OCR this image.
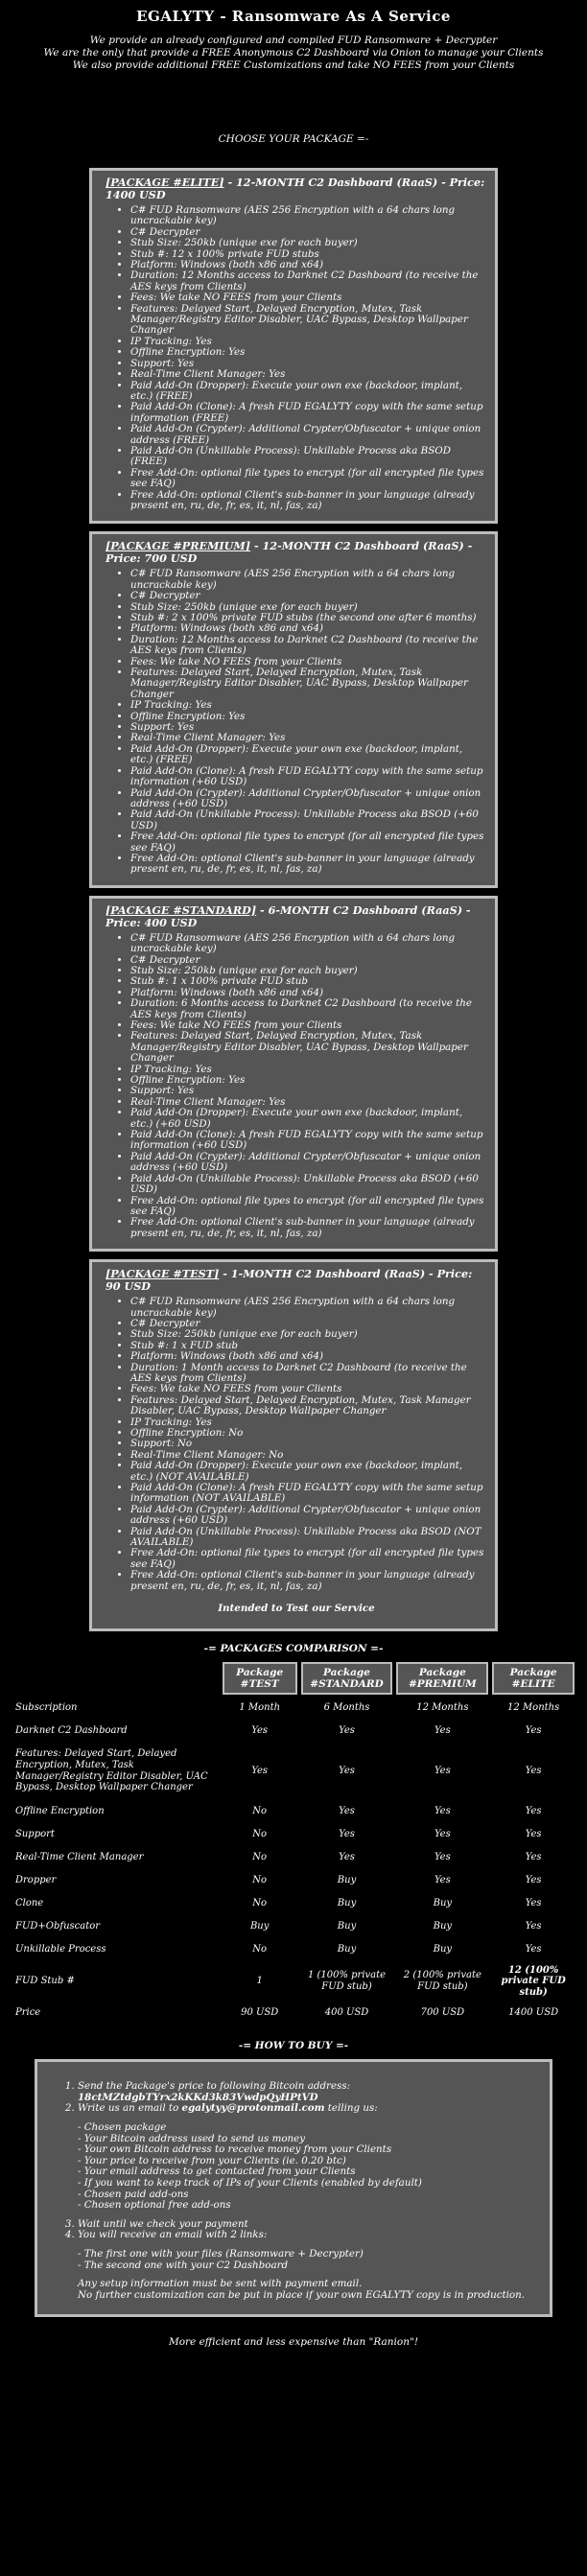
EGALYTY - Ransomware As A Service
We provide an already configured and compiled FUD Ransomware + Decrypter
We are the only that provide a FREE Anonymous C2 Dashboard via Onion to manage your Clients
We also provide additional FREE Customizations and take NO FEES from your Clients
CHOOSE YOUR PACKAGE =-
[PACKAGE #ELITE] - 12-MONTH C2 Dashboard (RaaS) - Price: 1400 USD
• C# FUD Ransomware (AES 256 Encryption with a 64 chars long uncrackable key)
• C# Decrypter
• Stub Size: 250kb (unique exe for each buyer)
• Stub #: 12 x 100% private FUD stubs
• Platform: Windows (both x86 and x64)
• Duration: 12 Months access to Darknet C2 Dashboard (to receive the AES keys from Clients)
• Fees: We take NO FEES from your Clients
• Features: Delayed Start, Delayed Encryption, Mutex, Task Manager/Registry Editor Disabler, UAC Bypass, Desktop Wallpaper Changer
• IP Tracking: Yes
• Offline Encryption: Yes
• Support: Yes
• Real-Time Client Manager: Yes
• Paid Add-On (Dropper): Execute your own exe (backdoor, implant, etc.) (FREE)
• Paid Add-On (Clone): A fresh FUD EGALYTY copy with the same setup information (FREE)
• Paid Add-On (Crypter): Additional Crypter/Obfuscator + unique onion address (FREE)
• Paid Add-On (Unkillable Process): Unkillable Process aka BSOD (FREE)
• Free Add-On: optional file types to encrypt (for all encrypted file types see FAQ)
• Free Add-On: optional Client's sub-banner in your language (already present en, ru, de, fr, es, it, nl, fas, za)
[PACKAGE #PREMIUM] - 12-MONTH C2 Dashboard (RaaS) - Price: 700 USD
• C# FUD Ransomware (AES 256 Encryption with a 64 chars long uncrackable key)
• C# Decrypter
• Stub Size: 250kb (unique exe for each buyer)
• Stub #: 2 x 100% private FUD stubs (the second one after 6 months)
• Platform: Windows (both x86 and x64)
• Duration: 12 Months access to Darknet C2 Dashboard (to receive the AES keys from Clients)
• Fees: We take NO FEES from your Clients
• Features: Delayed Start, Delayed Encryption, Mutex, Task Manager/Registry Editor Disabler, UAC Bypass, Desktop Wallpaper Changer
• IP Tracking: Yes
• Offline Encryption: Yes
• Support: Yes
• Real-Time Client Manager: Yes
• Paid Add-On (Dropper): Execute your own exe (backdoor, implant, etc.) (FREE)
• Paid Add-On (Clone): A fresh FUD EGALYTY copy with the same setup information (+60 USD)
• Paid Add-On (Crypter): Additional Crypter/Obfuscator + unique onion address (+60 USD)
• Paid Add-On (Unkillable Process): Unkillable Process aka BSOD (+60 USD)
• Free Add-On: optional file types to encrypt (for all encrypted file types see FAQ)
• Free Add-On: optional Client's sub-banner in your language (already present en, ru, de, fr, es, it, nl, fas, za)
[PACKAGE #STANDARD] - 6-MONTH C2 Dashboard (RaaS) - Price: 400 USD
• C# FUD Ransomware (AES 256 Encryption with a 64 chars long uncrackable key)
• C# Decrypter
• Stub Size: 250kb (unique exe for each buyer)
• Stub #: 1 x 100% private FUD stub
• Platform: Windows (both x86 and x64)
• Duration: 6 Months access to Darknet C2 Dashboard (to receive the AES keys from Clients)
• Fees: We take NO FEES from your Clients
• Features: Delayed Start, Delayed Encryption, Mutex, Task Manager/Registry Editor Disabler, UAC Bypass, Desktop Wallpaper Changer
• IP Tracking: Yes
• Offline Encryption: Yes
• Support: Yes
• Real-Time Client Manager: Yes
• Paid Add-On (Dropper): Execute your own exe (backdoor, implant, etc.) (+60 USD)
• Paid Add-On (Clone): A fresh FUD EGALYTY copy with the same setup information (+60 USD)
• Paid Add-On (Crypter): Additional Crypter/Obfuscator + unique onion address (+60 USD)
• Paid Add-On (Unkillable Process): Unkillable Process aka BSOD (+60 USD)
• Free Add-On: optional file types to encrypt (for all encrypted file types see FAQ)
• Free Add-On: optional Client's sub-banner in your language (already present en, ru, de, fr, es, it, nl, fas, za)
[PACKAGE #TEST] - 1-MONTH C2 Dashboard (RaaS) - Price: 90 USD
• C# FUD Ransomware (AES 256 Encryption with a 64 chars long uncrackable key)
• C# Decrypter
• Stub Size: 250kb (unique exe for each buyer)
• Stub #: 1 x FUD stub
• Platform: Windows (both x86 and x64)
• Duration: 1 Month access to Darknet C2 Dashboard (to receive the AES keys from Clients)
• Fees: We take NO FEES from your Clients
• Features: Delayed Start, Delayed Encryption, Mutex, Task Manager Disabler, UAC Bypass, Desktop Wallpaper Changer
• IP Tracking: Yes
• Offline Encryption: No
• Support: No
• Real-Time Client Manager: No
• Paid Add-On (Dropper): Execute your own exe (backdoor, implant, etc.) (NOT AVAILABLE)
• Paid Add-On (Clone): A fresh FUD EGALYTY copy with the same setup information (NOT AVAILABLE)
• Paid Add-On (Crypter): Additional Crypter/Obfuscator + unique onion address (+60 USD)
• Paid Add-On (Unkillable Process): Unkillable Process aka BSOD (NOT AVAILABLE)
• Free Add-On: optional file types to encrypt (for all encrypted file types see FAQ)
• Free Add-On: optional Client's sub-banner in your language (already present en, ru, de, fr, es, it, nl, fas, za)
Intended to Test our Service
-= PACKAGES COMPARISON =-
	Package #TEST	Package #STANDARD	Package #PREMIUM	Package #ELITE
Subscription	1 Month	6 Months	12 Months	12 Months
Darknet C2 Dashboard	Yes	Yes	Yes	Yes
Features: Delayed Start, Delayed Encryption, Mutex, Task Manager/Registry Editor Disabler, UAC Bypass, Desktop Wallpaper Changer	Yes	Yes	Yes	Yes
Offline Encryption	No	Yes	Yes	Yes
Support	No	Yes	Yes	Yes
Real-Time Client Manager	No	Yes	Yes	Yes
Dropper	No	Buy	Yes	Yes
Clone	No	Buy	Buy	Yes
FUD+Obfuscator	Buy	Buy	Buy	Yes
Unkillable Process	No	Buy	Buy	Yes
FUD Stub #	1	1 (100% private FUD stub)	2 (100% private FUD stub)	12 (100% private FUD stub)
Price	90 USD	400 USD	700 USD	1400 USD
-= HOW TO BUY =-
1. Send the Package's price to following Bitcoin address:
18ctMZtdgbTYrx2kKKd3k83VwdpQyHPtVD
2. Write us an email to egalytyy@protonmail.com telling us:
- Chosen package
- Your Bitcoin address used to send us money
- Your own Bitcoin address to receive money from your Clients
- Your price to receive from your Clients (ie. 0.20 btc)
- Your email address to get contacted from your Clients
- If you want to keep track of IPs of your Clients (enabled by default)
- Chosen paid add-ons
- Chosen optional free add-ons
3. Wait until we check your payment
4. You will receive an email with 2 links:
- The first one with your files (Ransomware + Decrypter)
- The second one with your C2 Dashboard
Any setup information must be sent with payment email.
No further customization can be put in place if your own EGALYTY copy is in production.
More efficient and less expensive than "Ranion"!
